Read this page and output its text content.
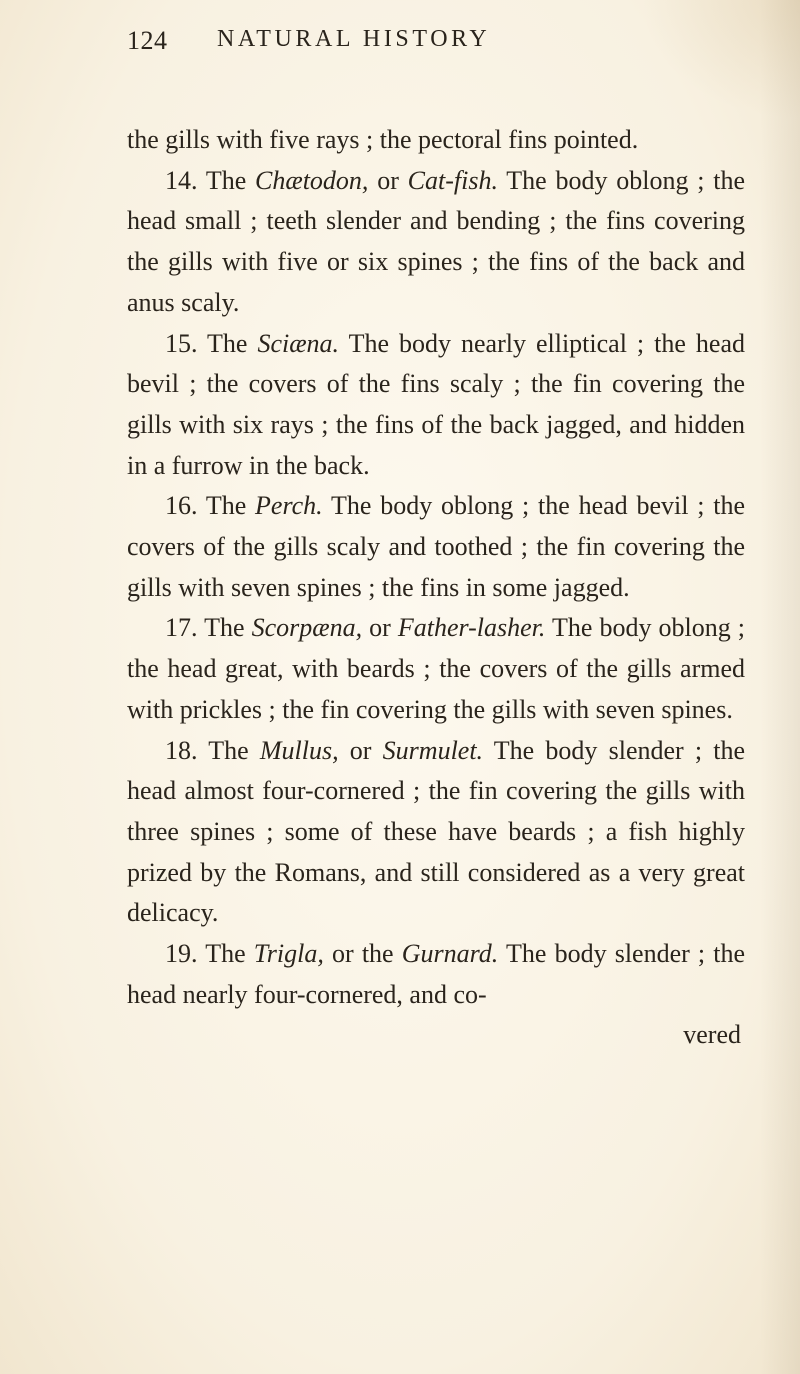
124 NATURAL HISTORY

the gills with five rays ; the pectoral fins pointed.

14. The Chætodon, or Cat-fish. The body oblong ; the head small ; teeth slender and bending ; the fins covering the gills with five or six spines ; the fins of the back and anus scaly.

15. The Sciæna. The body nearly elliptical ; the head bevil ; the covers of the fins scaly ; the fin covering the gills with six rays ; the fins of the back jagged, and hidden in a furrow in the back.

16. The Perch. The body oblong ; the head bevil ; the covers of the gills scaly and toothed ; the fin covering the gills with seven spines ; the fins in some jagged.

17. The Scorpæna, or Father-lasher. The body oblong ; the head great, with beards ; the covers of the gills armed with prickles ; the fin covering the gills with seven spines.

18. The Mullus, or Surmulet. The body slender ; the head almost four-cornered ; the fin covering the gills with three spines ; some of these have beards ; a fish highly prized by the Romans, and still considered as a very great delicacy.

19. The Trigla, or the Gurnard. The body slender ; the head nearly four-cornered, and co-

vered
